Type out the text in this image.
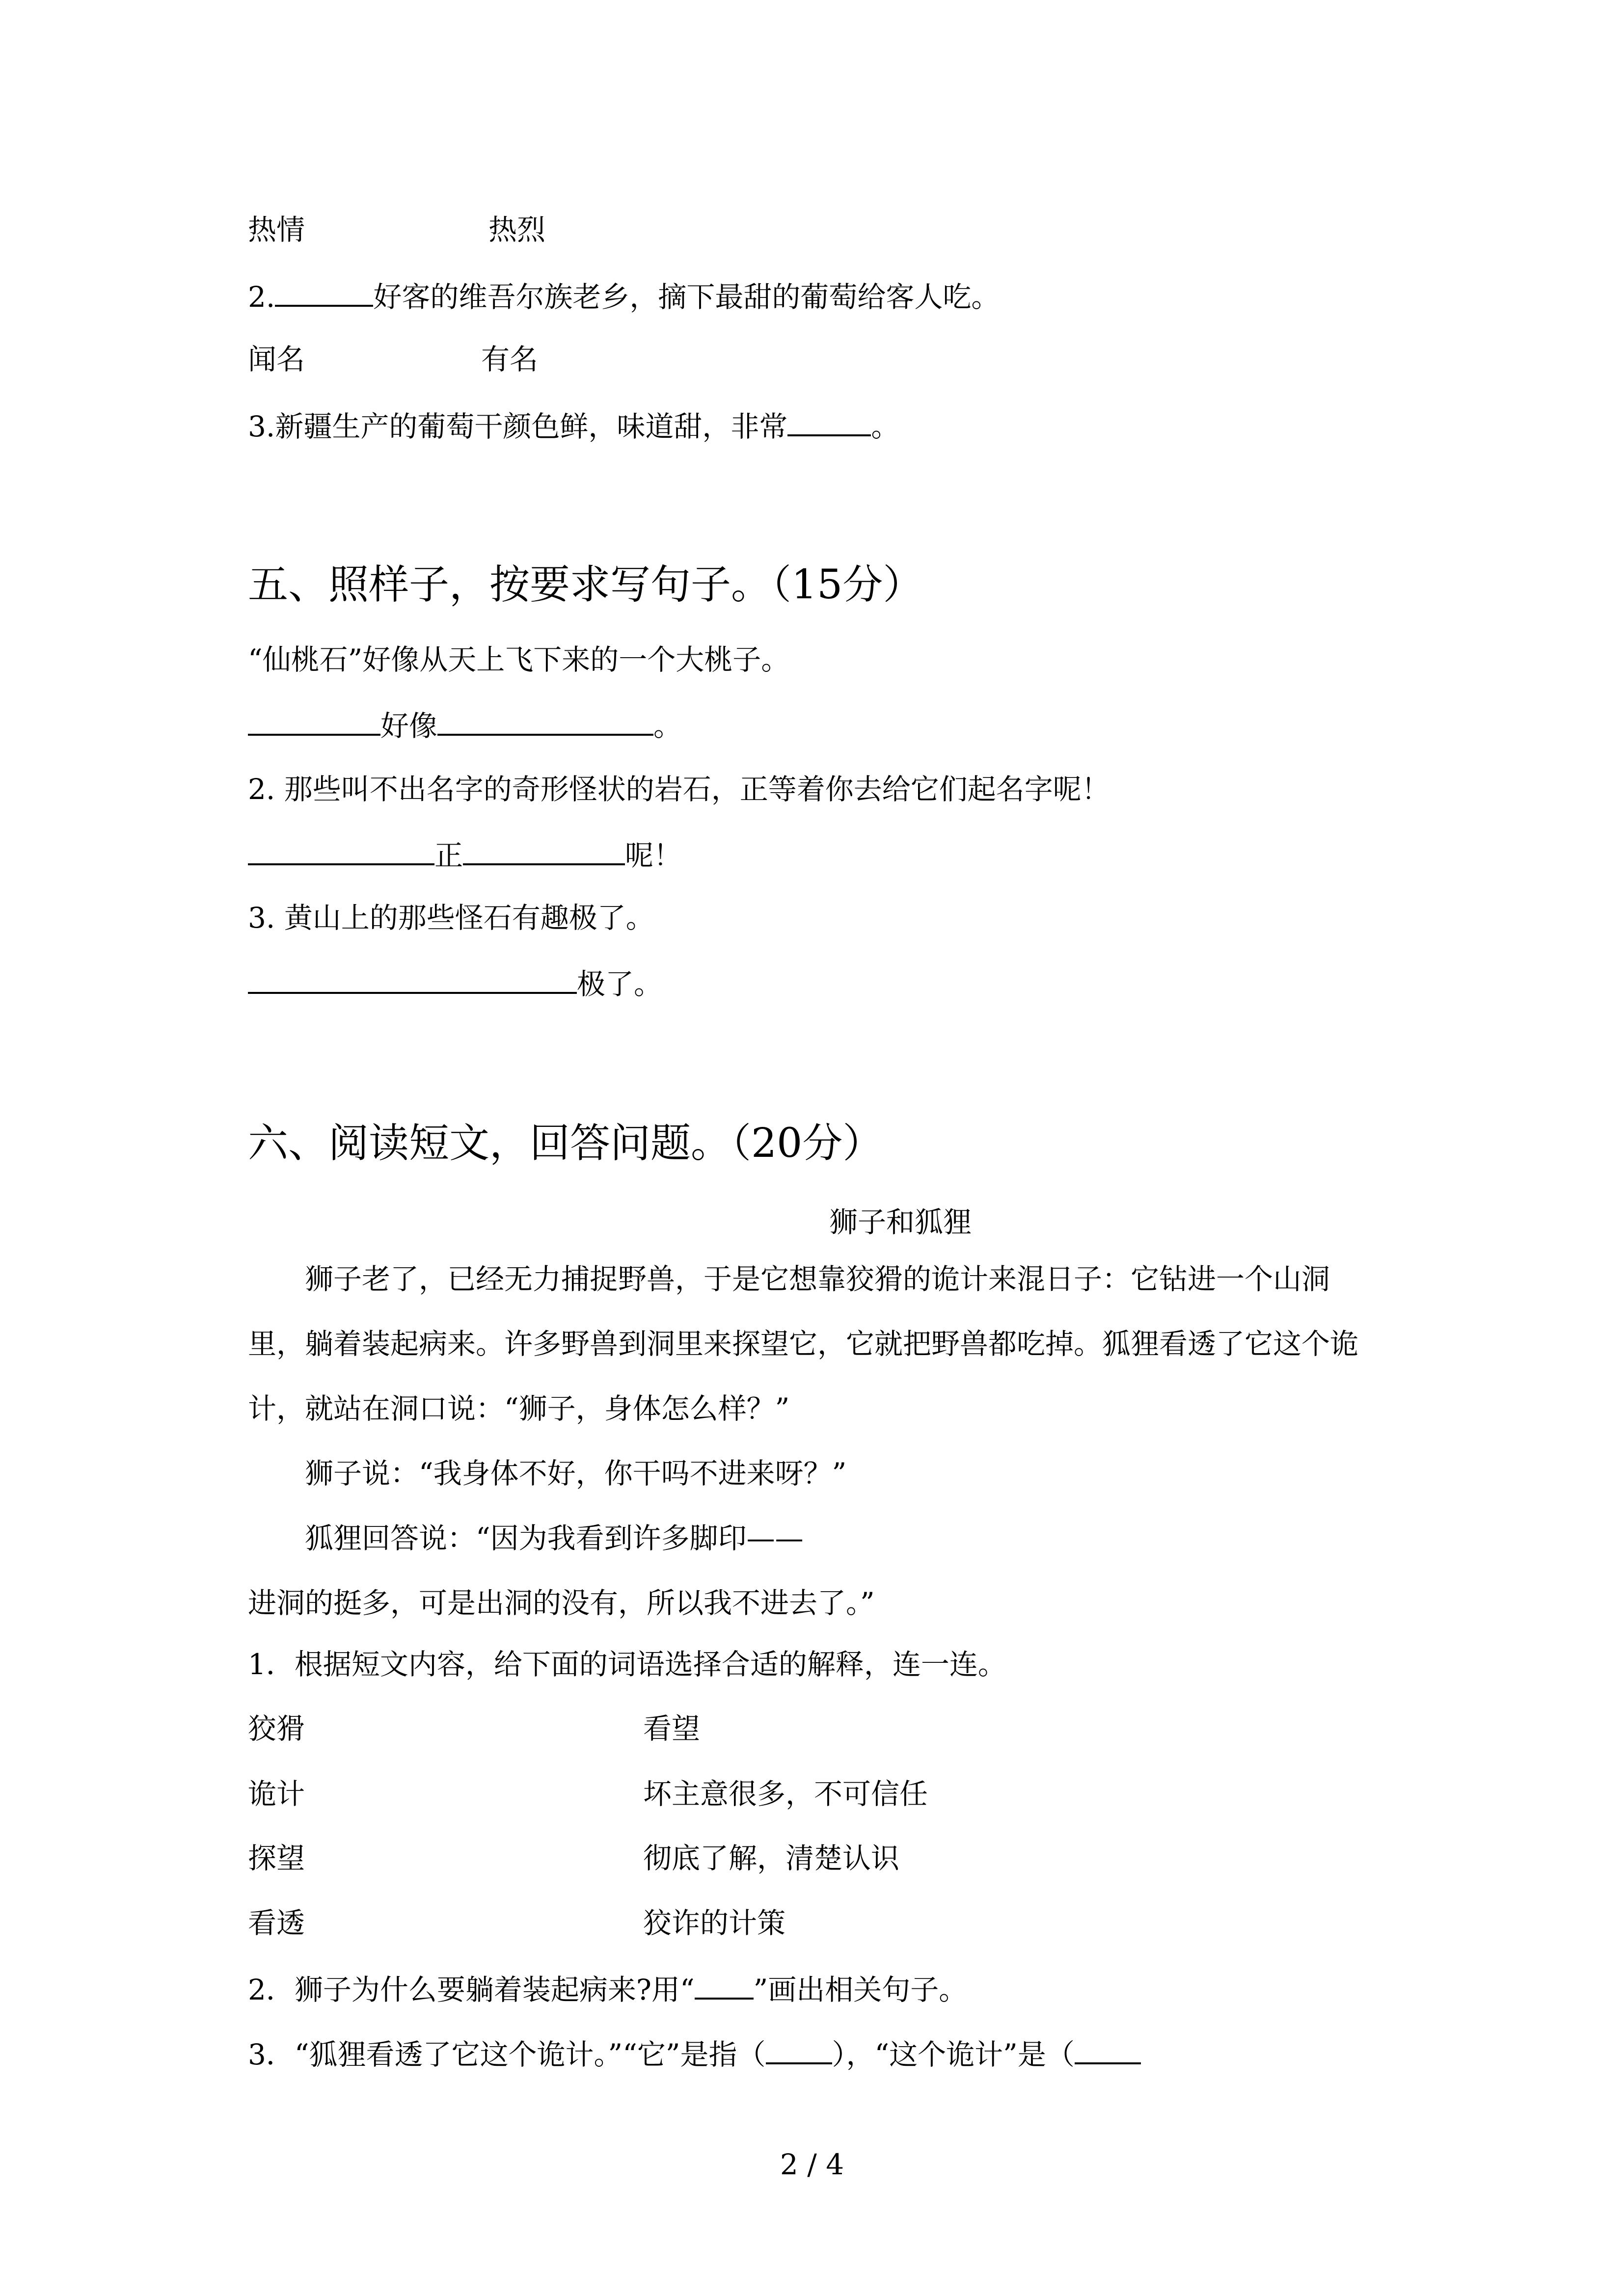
热情	热烈
2.	好客的维吾尔族老乡，摘下最甜的葡萄给客人吃。
闻名	有名
3.新疆生产的葡萄干颜色鲜，味道甜，非常	。
五、照样子，按要求写句子。（15分）
“仙桃石”好像从天上飞下来的一个大桃子。
好像	。
2. 那些叫不出名字的奇形怪状的岩石，正等着你去给它们起名字呢！
正	呢！
3. 黄山上的那些怪石有趣极了。
极了。
六、阅读短文，回答问题。（20分）
狮子和狐狸
狮子老了，已经无力捕捉野兽，于是它想靠狡猾的诡计来混日子：它钻进一个山洞里，躺着装起病来。许多野兽到洞里来探望它，它就把野兽都吃掉。狐狸看透了它这个诡计，就站在洞口说：“狮子，身体怎么样？”
狮子说：“我身体不好，你干吗不进来呀？”
狐狸回答说：“因为我看到许多脚印——
进洞的挺多，可是出洞的没有，所以我不进去了。”
1．根据短文内容，给下面的词语选择合适的解释，连一连。
狡猾	看望
诡计	坏主意很多，不可信任
探望	彻底了解，清楚认识
看透	狡诈的计策
2．狮子为什么要躺着装起病来?用“ ”画出相关句子。
3．“狐狸看透了它这个诡计。”“它”是指（ ），“这个诡计”是（
2 / 4
